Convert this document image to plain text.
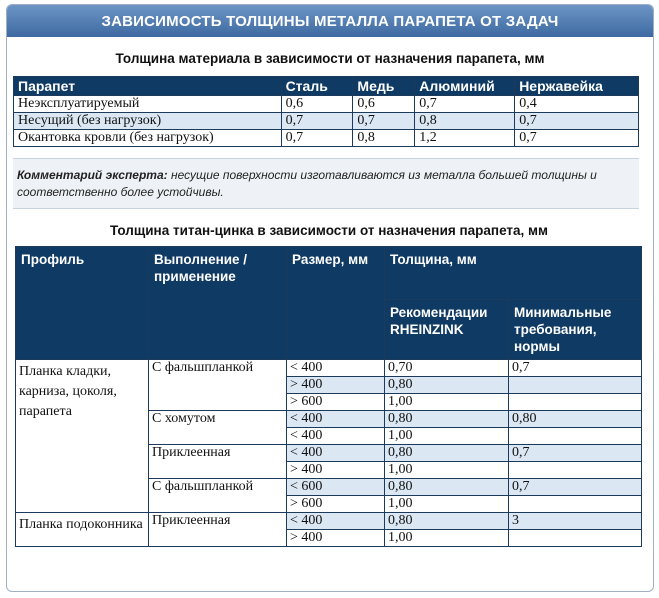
ЗАВИСИМОСТЬ ТОЛЩИНЫ МЕТАЛЛА ПАРАПЕТА ОТ ЗАДАЧ
Толщина материала в зависимости от назначения парапета, мм
Парапет	Сталь	Медь	Алюминий	Нержавейка
Неэксплуатируемый	0,6	0,6	0,7	0,4
Несущий (без нагрузок)	0,7	0,7	0,8	0,7
Окантовка кровли (без нагрузок)	0,7	0,8	1,2	0,7
Комментарий эксперта: несущие поверхности изготавливаются из металла большей толщины и соответственно более устойчивы.
Толщина титан-цинка в зависимости от назначения парапета, мм
Профиль	Выполнение / применение	Размер, мм	Толщина, мм	
			Рекомендации RHEINZINK	Минимальные требования, нормы
Планка кладки, карниза, цоколя, парапета	С фальшпланкой	< 400	0,70	0,7
		> 400	0,80	
		> 600	1,00	
	С хомутом	< 400	0,80	0,80
		< 400	1,00	
	Приклеенная	< 400	0,80	0,7
		> 400	1,00	
	С фальшпланкой	< 600	0,80	0,7
		> 600	1,00	
Планка подоконника	Приклеенная	< 400	0,80	3
		> 400	1,00	
